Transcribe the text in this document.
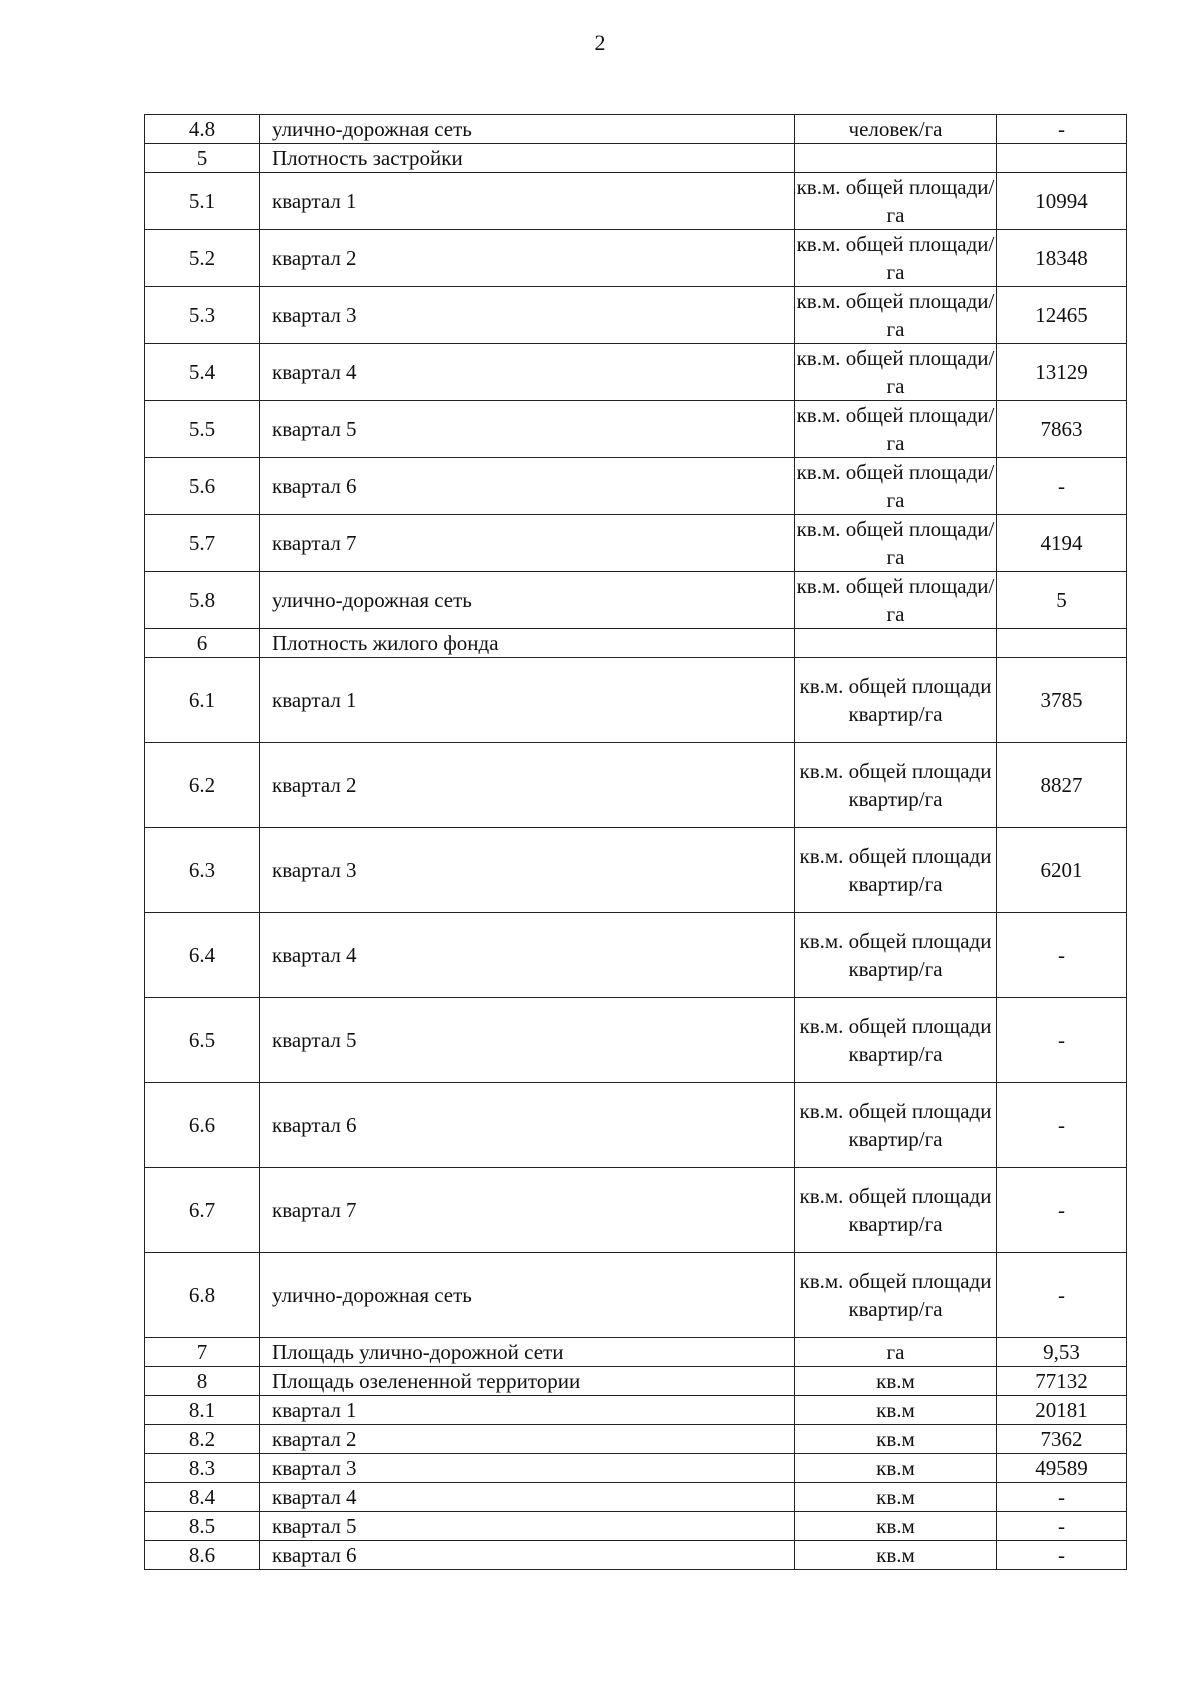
2
4.8	улично-дорожная сеть	человек/га	-
5	Плотность застройки		
5.1	квартал 1	кв.м. общей площади/га	10994
5.2	квартал 2	кв.м. общей площади/га	18348
5.3	квартал 3	кв.м. общей площади/га	12465
5.4	квартал 4	кв.м. общей площади/га	13129
5.5	квартал 5	кв.м. общей площади/га	7863
5.6	квартал 6	кв.м. общей площади/га	-
5.7	квартал 7	кв.м. общей площади/га	4194
5.8	улично-дорожная сеть	кв.м. общей площади/га	5
6	Плотность жилого фонда		
6.1	квартал 1	кв.м. общей площади квартир/га	3785
6.2	квартал 2	кв.м. общей площади квартир/га	8827
6.3	квартал 3	кв.м. общей площади квартир/га	6201
6.4	квартал 4	кв.м. общей площади квартир/га	-
6.5	квартал 5	кв.м. общей площади квартир/га	-
6.6	квартал 6	кв.м. общей площади квартир/га	-
6.7	квартал 7	кв.м. общей площади квартир/га	-
6.8	улично-дорожная сеть	кв.м. общей площади квартир/га	-
7	Площадь улично-дорожной сети	га	9,53
8	Площадь озелененной территории	кв.м	77132
8.1	квартал 1	кв.м	20181
8.2	квартал 2	кв.м	7362
8.3	квартал 3	кв.м	49589
8.4	квартал 4	кв.м	-
8.5	квартал 5	кв.м	-
8.6	квартал 6	кв.м	-
